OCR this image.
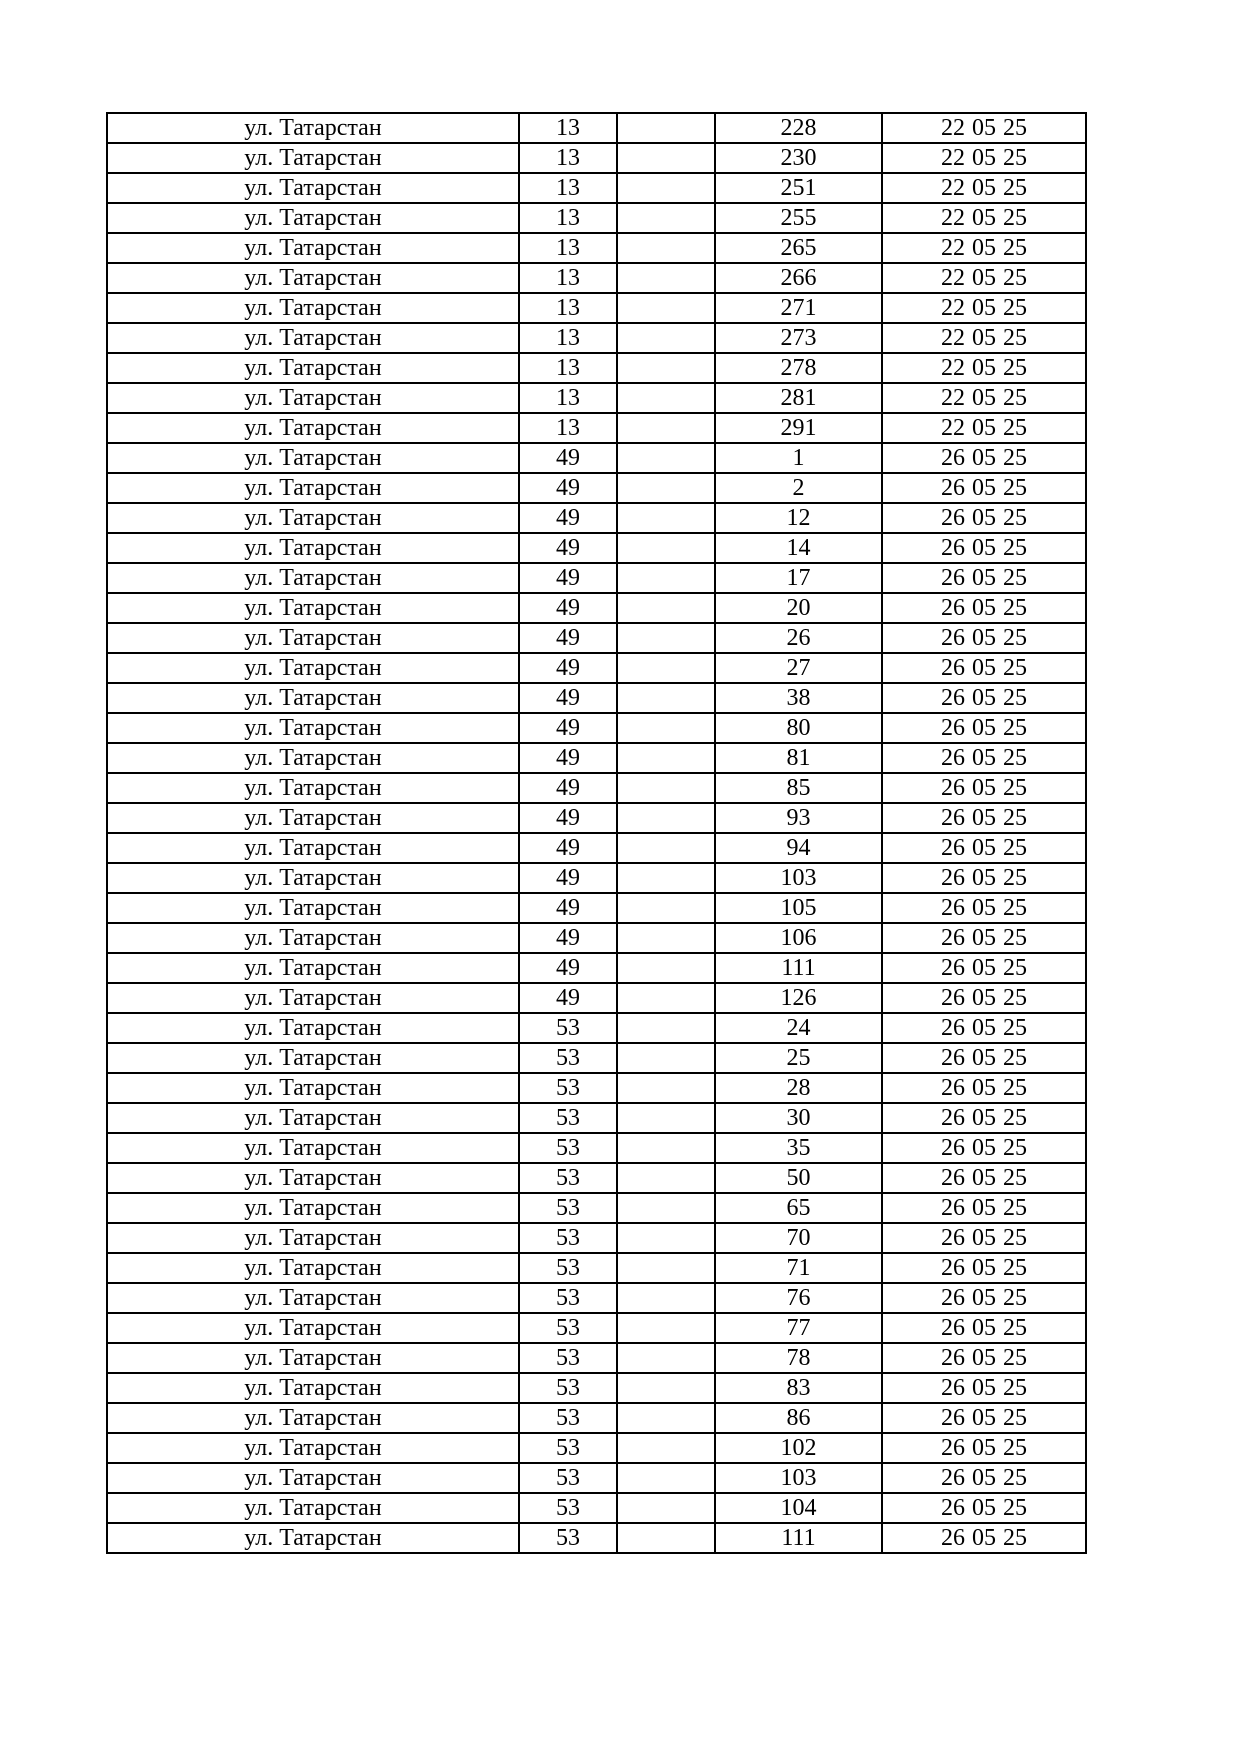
ул. Татарстан	13		228	22 05 25
ул. Татарстан	13		230	22 05 25
ул. Татарстан	13		251	22 05 25
ул. Татарстан	13		255	22 05 25
ул. Татарстан	13		265	22 05 25
ул. Татарстан	13		266	22 05 25
ул. Татарстан	13		271	22 05 25
ул. Татарстан	13		273	22 05 25
ул. Татарстан	13		278	22 05 25
ул. Татарстан	13		281	22 05 25
ул. Татарстан	13		291	22 05 25
ул. Татарстан	49		1	26 05 25
ул. Татарстан	49		2	26 05 25
ул. Татарстан	49		12	26 05 25
ул. Татарстан	49		14	26 05 25
ул. Татарстан	49		17	26 05 25
ул. Татарстан	49		20	26 05 25
ул. Татарстан	49		26	26 05 25
ул. Татарстан	49		27	26 05 25
ул. Татарстан	49		38	26 05 25
ул. Татарстан	49		80	26 05 25
ул. Татарстан	49		81	26 05 25
ул. Татарстан	49		85	26 05 25
ул. Татарстан	49		93	26 05 25
ул. Татарстан	49		94	26 05 25
ул. Татарстан	49		103	26 05 25
ул. Татарстан	49		105	26 05 25
ул. Татарстан	49		106	26 05 25
ул. Татарстан	49		111	26 05 25
ул. Татарстан	49		126	26 05 25
ул. Татарстан	53		24	26 05 25
ул. Татарстан	53		25	26 05 25
ул. Татарстан	53		28	26 05 25
ул. Татарстан	53		30	26 05 25
ул. Татарстан	53		35	26 05 25
ул. Татарстан	53		50	26 05 25
ул. Татарстан	53		65	26 05 25
ул. Татарстан	53		70	26 05 25
ул. Татарстан	53		71	26 05 25
ул. Татарстан	53		76	26 05 25
ул. Татарстан	53		77	26 05 25
ул. Татарстан	53		78	26 05 25
ул. Татарстан	53		83	26 05 25
ул. Татарстан	53		86	26 05 25
ул. Татарстан	53		102	26 05 25
ул. Татарстан	53		103	26 05 25
ул. Татарстан	53		104	26 05 25
ул. Татарстан	53		111	26 05 25
